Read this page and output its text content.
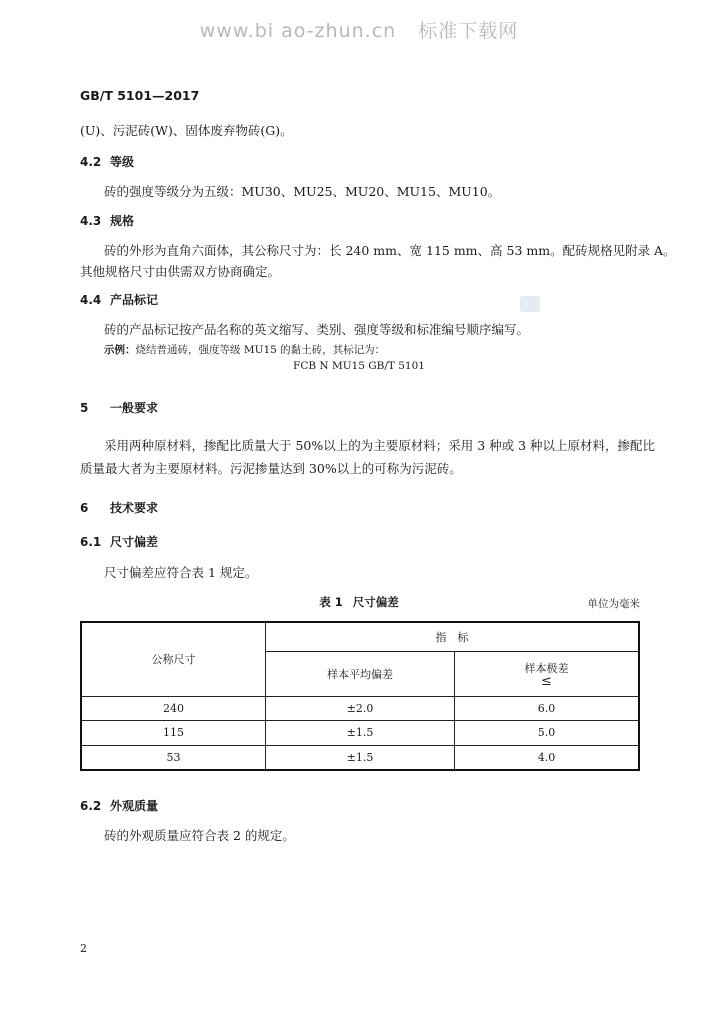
www.bi ao-zhun.cn 标准下载网
GB/T 5101—2017
(U)、污泥砖(W)、固体废弃物砖(G)。
4.2 等级
砖的强度等级分为五级：MU30、MU25、MU20、MU15、MU10。
4.3 规格
砖的外形为直角六面体，其公称尺寸为：长 240 mm、宽 115 mm、高 53 mm。配砖规格见附录 A。
其他规格尺寸由供需双方协商确定。
4.4 产品标记
砖的产品标记按产品名称的英文缩写、类别、强度等级和标准编号顺序编写。
示例：烧结普通砖，强度等级 MU15 的黏土砖，其标记为：
FCB N MU15 GB/T 5101
5 一般要求
采用两种原材料，掺配比质量大于 50%以上的为主要原材料；采用 3 种或 3 种以上原材料，掺配比
质量最大者为主要原材料。污泥掺量达到 30%以上的可称为污泥砖。
6 技术要求
6.1 尺寸偏差
尺寸偏差应符合表 1 规定。
表 1 尺寸偏差	单位为毫米
公称尺寸	指　标	
	样本平均偏差	样本极差
≤

240	±2.0	6.0
115	±1.5	5.0
53	±1.5	4.0
6.2 外观质量
砖的外观质量应符合表 2 的规定。
2
